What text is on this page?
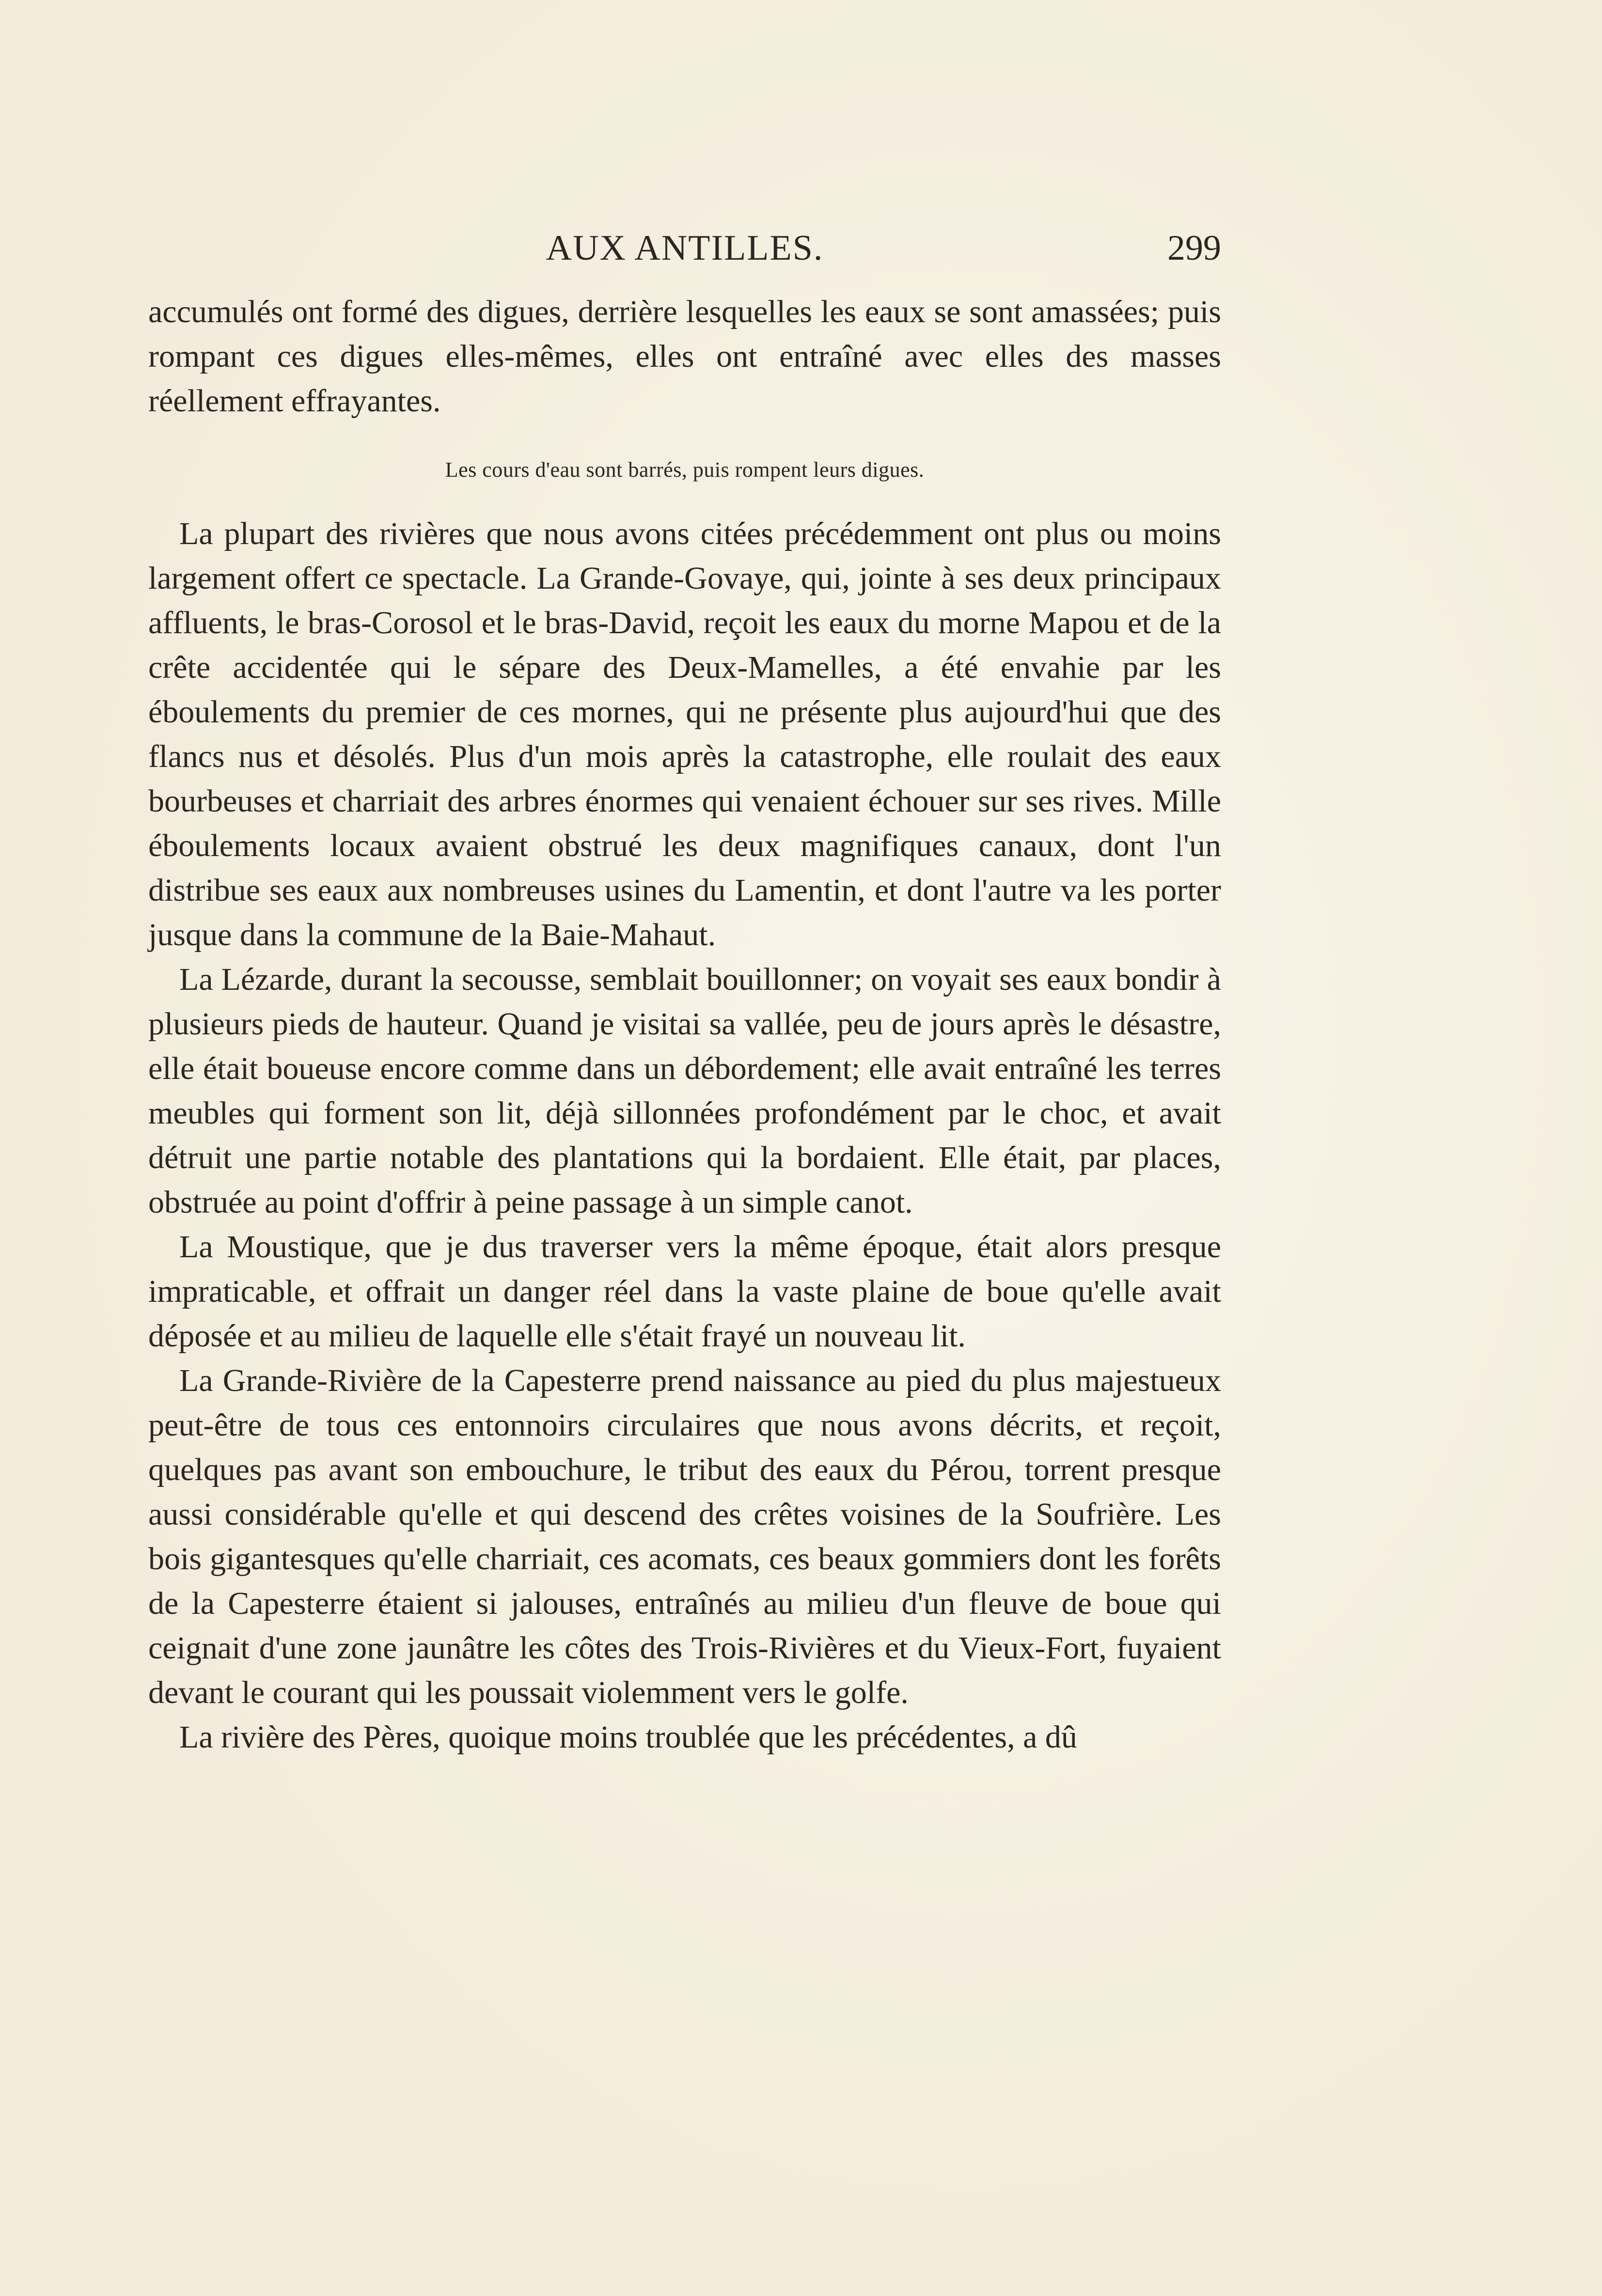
AUX ANTILLES.	299

accumulés ont formé des digues, derrière lesquelles les eaux se sont amassées; puis rompant ces digues elles-mêmes, elles ont entraîné avec elles des masses réellement effrayantes.

Les cours d'eau sont barrés, puis rompent leurs digues.

La plupart des rivières que nous avons citées précédemment ont plus ou moins largement offert ce spectacle. La Grande-Govaye, qui, jointe à ses deux principaux affluents, le bras-Corosol et le bras-David, reçoit les eaux du morne Mapou et de la crête accidentée qui le sépare des Deux-Mamelles, a été envahie par les éboulements du premier de ces mornes, qui ne présente plus aujourd'hui que des flancs nus et désolés. Plus d'un mois après la catastrophe, elle roulait des eaux bourbeuses et charriait des arbres énormes qui venaient échouer sur ses rives. Mille éboulements locaux avaient obstrué les deux magnifiques canaux, dont l'un distribue ses eaux aux nombreuses usines du Lamentin, et dont l'autre va les porter jusque dans la commune de la Baie-Mahaut.

La Lézarde, durant la secousse, semblait bouillonner; on voyait ses eaux bondir à plusieurs pieds de hauteur. Quand je visitai sa vallée, peu de jours après le désastre, elle était boueuse encore comme dans un débordement; elle avait entraîné les terres meubles qui forment son lit, déjà sillonnées profondément par le choc, et avait détruit une partie notable des plantations qui la bordaient. Elle était, par places, obstruée au point d'offrir à peine passage à un simple canot.

La Moustique, que je dus traverser vers la même époque, était alors presque impraticable, et offrait un danger réel dans la vaste plaine de boue qu'elle avait déposée et au milieu de laquelle elle s'était frayé un nouveau lit.

La Grande-Rivière de la Capesterre prend naissance au pied du plus majestueux peut-être de tous ces entonnoirs circulaires que nous avons décrits, et reçoit, quelques pas avant son embouchure, le tribut des eaux du Pérou, torrent presque aussi considérable qu'elle et qui descend des crêtes voisines de la Soufrière. Les bois gigantesques qu'elle charriait, ces acomats, ces beaux gommiers dont les forêts de la Capesterre étaient si jalouses, entraînés au milieu d'un fleuve de boue qui ceignait d'une zone jaunâtre les côtes des Trois-Rivières et du Vieux-Fort, fuyaient devant le courant qui les poussait violemment vers le golfe.

La rivière des Pères, quoique moins troublée que les précédentes, a dû
